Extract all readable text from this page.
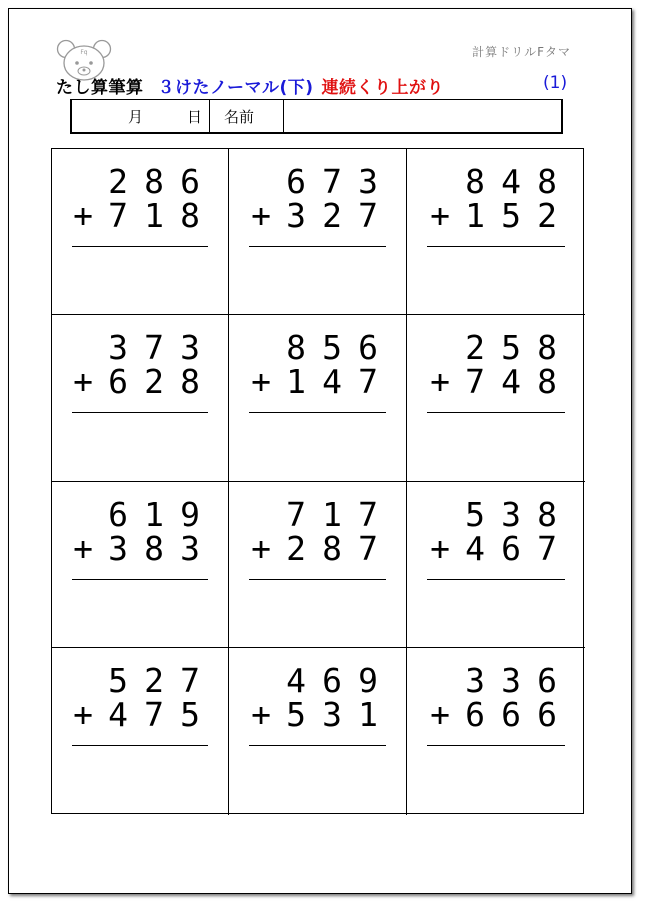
Fq	計算ドリルFタマ
たし算筆算 ３けたノーマル(下) 連続くり上がり	(1)
月	日 名前
2 8 6
+ 7 1 8
6 7 3
+ 3 2 7
8 4 8
+ 1 5 2
3 7 3
+ 6 2 8
8 5 6
+ 1 4 7
2 5 8
+ 7 4 8
6 1 9
+ 3 8 3
7 1 7
+ 2 8 7
5 3 8
+ 4 6 7
5 2 7
+ 4 7 5
4 6 9
+ 5 3 1
3 3 6
+ 6 6 6
